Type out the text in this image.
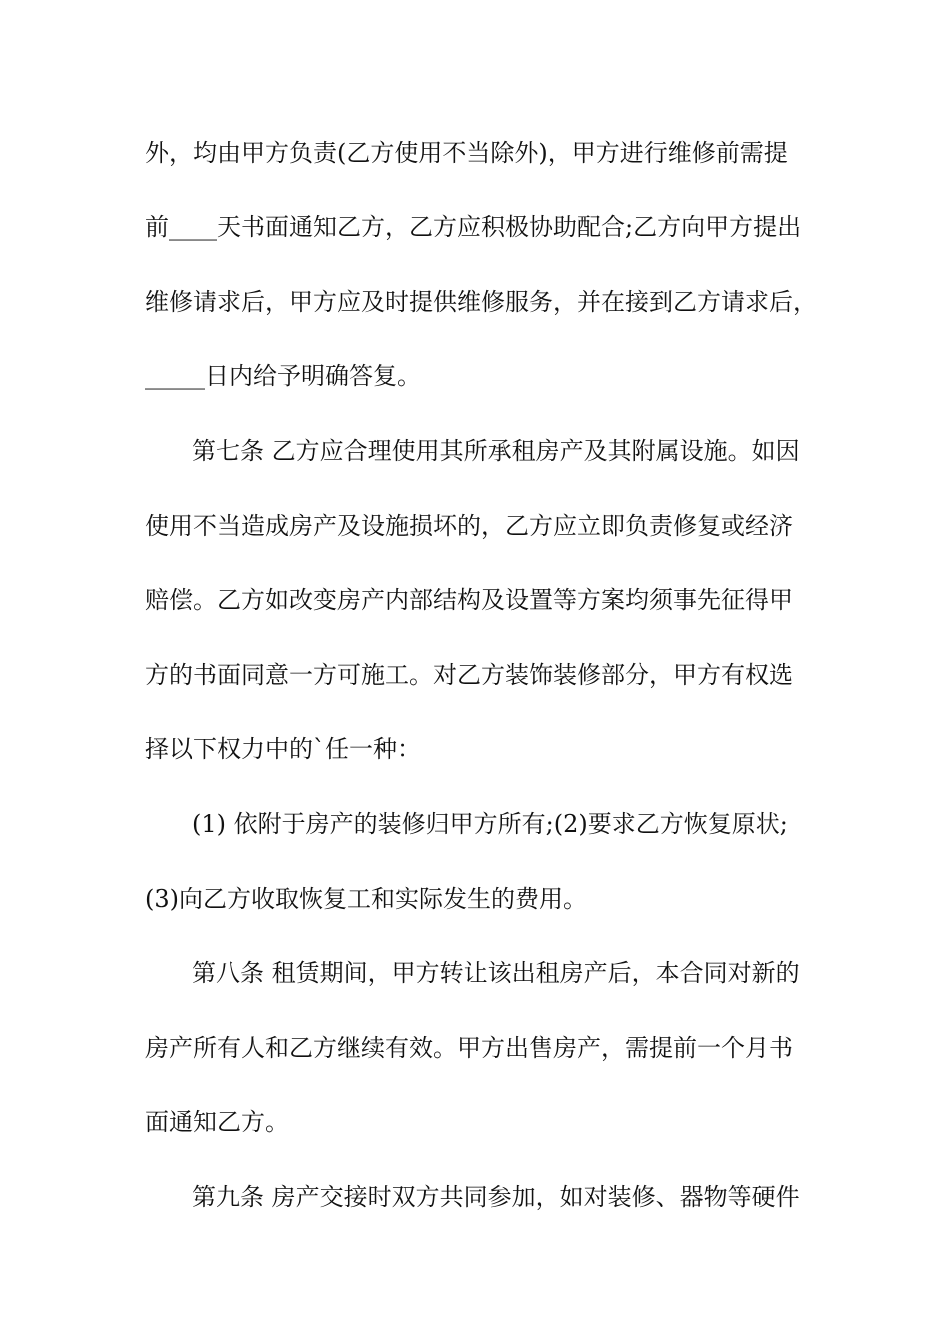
外，均由甲方负责(乙方使用不当除外)，甲方进行维修前需提
前____天书面通知乙方，乙方应积极协助配合;乙方向甲方提出
维修请求后，甲方应及时提供维修服务，并在接到乙方请求后，
_____日内给予明确答复。
第七条 乙方应合理使用其所承租房产及其附属设施。如因
使用不当造成房产及设施损坏的，乙方应立即负责修复或经济
赔偿。乙方如改变房产内部结构及设置等方案均须事先征得甲
方的书面同意一方可施工。对乙方装饰装修部分，甲方有权选
择以下权力中的`任一种：
(1) 依附于房产的装修归甲方所有;(2)要求乙方恢复原状;
(3)向乙方收取恢复工和实际发生的费用。
第八条 租赁期间，甲方转让该出租房产后，本合同对新的
房产所有人和乙方继续有效。甲方出售房产，需提前一个月书
面通知乙方。
第九条 房产交接时双方共同参加，如对装修、器物等硬件
